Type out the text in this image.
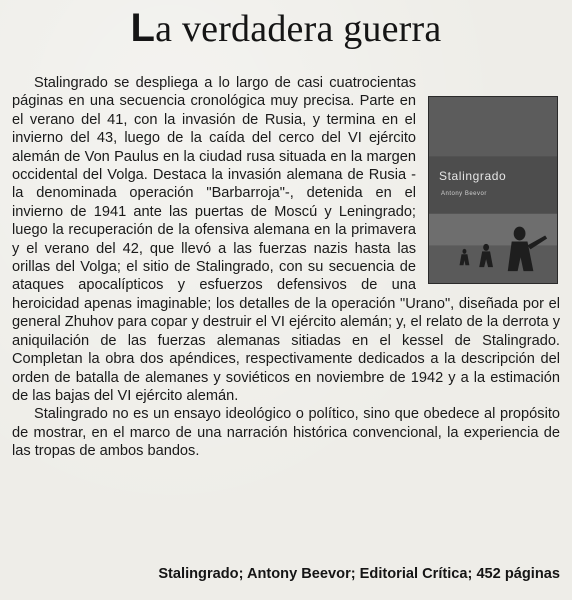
La verdadera guerra
Stalingrado
Antony Beevor

Stalingrado se despliega a lo largo de casi cuatrocientas páginas en una secuencia cronológica muy precisa. Parte en el verano del 41, con la invasión de Rusia, y termina en el invierno del 43, luego de la caída del cerco del VI ejército alemán de Von Paulus en la ciudad rusa situada en la margen occidental del Volga. Destaca la invasión alemana de Rusia -la denominada operación "Barbarroja"-, detenida en el invierno de 1941 ante las puertas de Moscú y Leningrado; luego la recuperación de la ofensiva alemana en la primavera y el verano del 42, que llevó a las fuerzas nazis hasta las orillas del Volga; el sitio de Stalingrado, con su secuencia de ataques apocalípticos y esfuerzos defensivos de una heroicidad apenas imaginable; los detalles de la operación "Urano", diseñada por el general Zhuhov para copar y destruir el VI ejército alemán; y, el relato de la derrota y aniquilación de las fuerzas alemanas sitiadas en el kessel de Stalingrado. Completan la obra dos apéndices, respectivamente dedicados a la descripción del orden de batalla de alemanes y soviéticos en noviembre de 1942 y a la estimación de las bajas del VI ejército alemán.

Stalingrado no es un ensayo ideológico o político, sino que obedece al propósito de mostrar, en el marco de una narración histórica convencional, la experiencia de las tropas de ambos bandos.

Stalingrado; Antony Beevor; Editorial Crítica; 452 páginas
